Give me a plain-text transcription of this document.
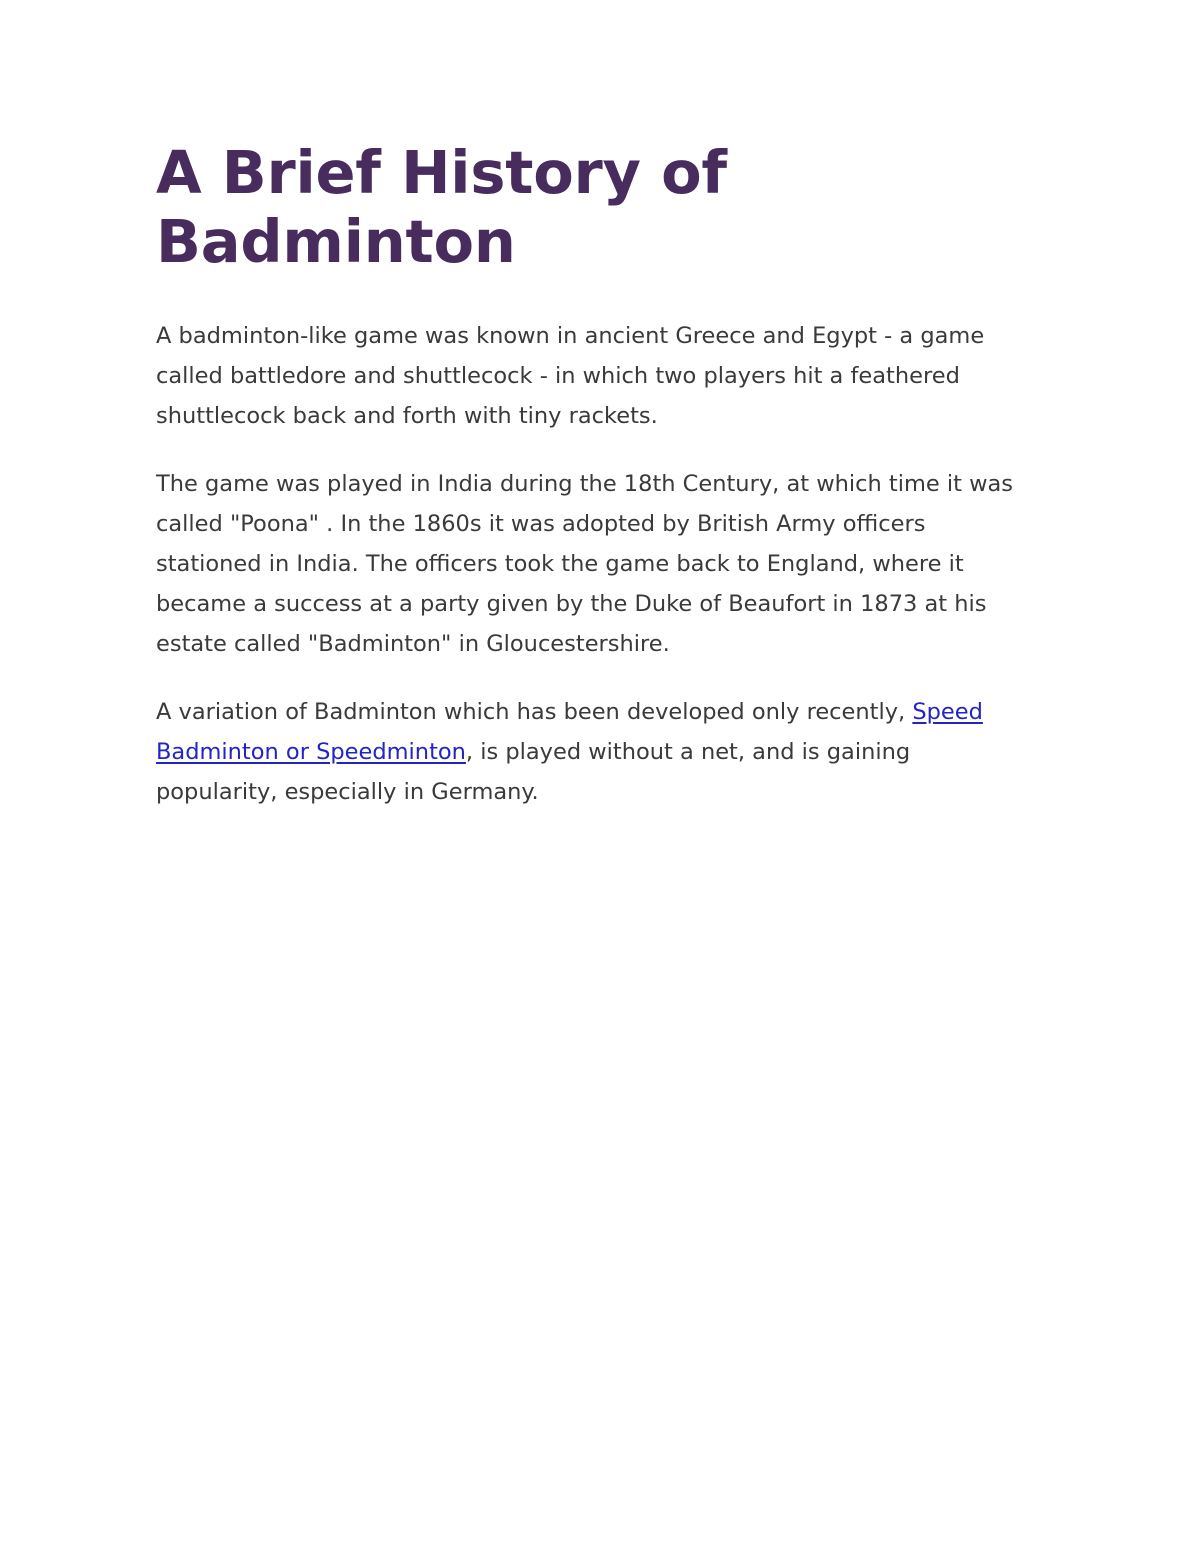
A Brief History of Badminton

A badminton-like game was known in ancient Greece and Egypt - a game called battledore and shuttlecock - in which two players hit a feathered shuttlecock back and forth with tiny rackets.

The game was played in India during the 18th Century, at which time it was called "Poona" . In the 1860s it was adopted by British Army officers stationed in India. The officers took the game back to England, where it became a success at a party given by the Duke of Beaufort in 1873 at his estate called "Badminton" in Gloucestershire.

A variation of Badminton which has been developed only recently, Speed Badminton or Speedminton, is played without a net, and is gaining popularity, especially in Germany.
